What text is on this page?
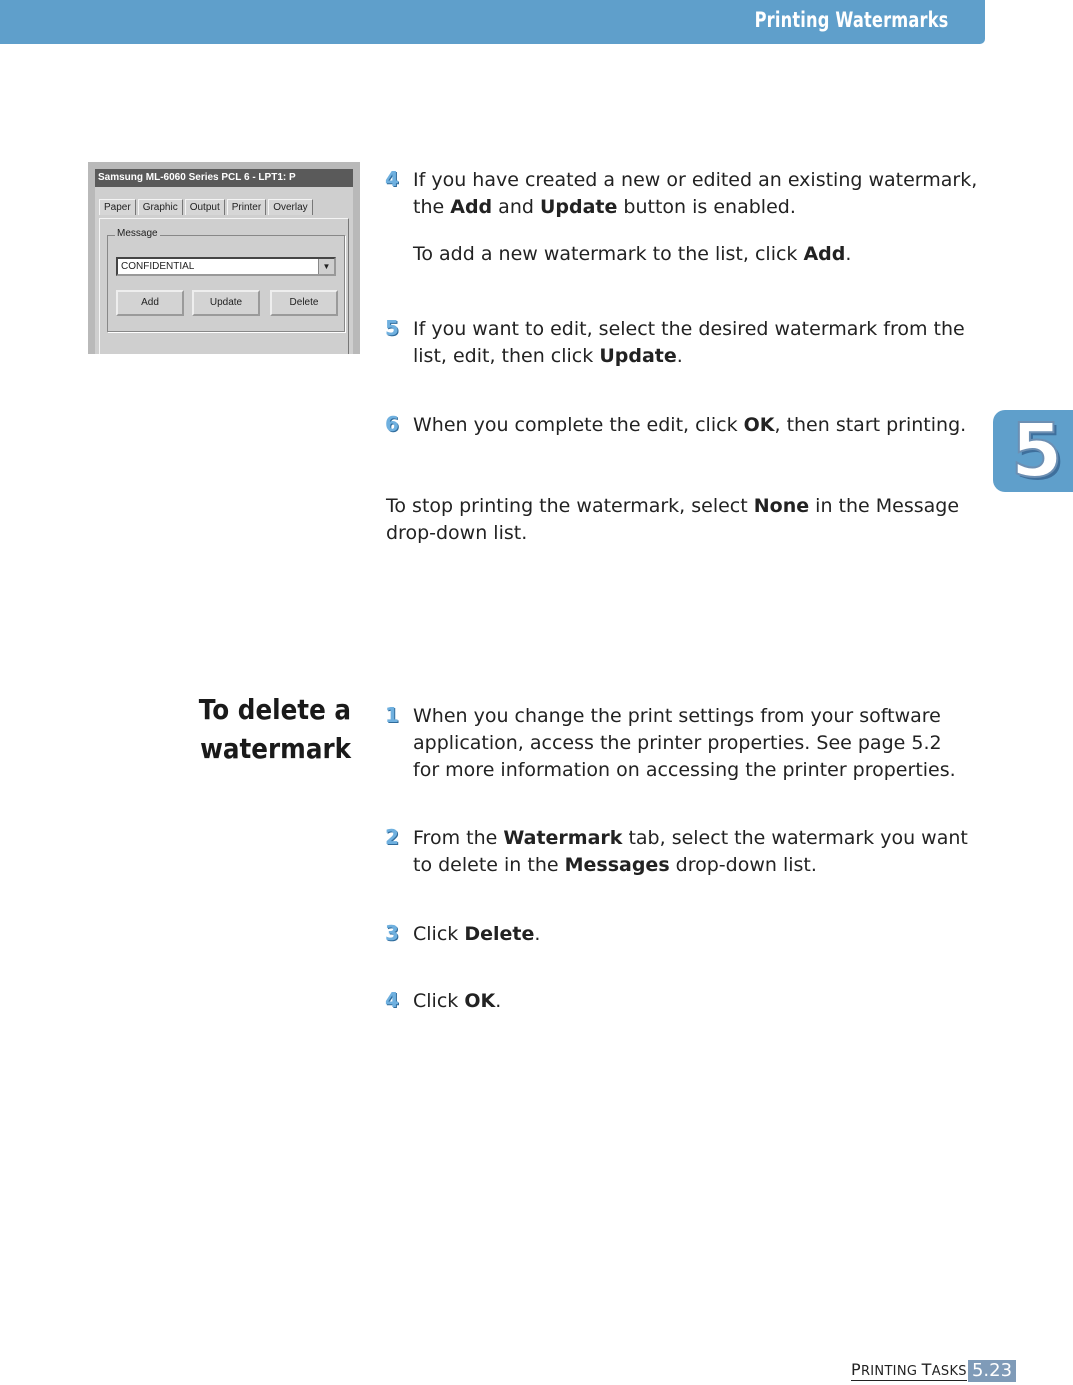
Printing Watermarks
5
Samsung ML-6060 Series PCL 6 - LPT1: P
Paper	Graphic	Output	Printer	Overlay
Message
CONFIDENTIAL	▼
Add	Update	Delete
4 If you have created a new or edited an existing watermark, the Add and Update button is enabled.
To add a new watermark to the list, click Add.
5 If you want to edit, select the desired watermark from the list, edit, then click Update.
6 When you complete the edit, click OK, then start printing.
To stop printing the watermark, select None in the Message drop-down list.
To delete a
watermark
1 When you change the print settings from your software application, access the printer properties. See page 5.2 for more information on accessing the printer properties.
2 From the Watermark tab, select the watermark you want to delete in the Messages drop-down list.
3 Click Delete.
4 Click OK.
PRINTING TASKS 5.23
